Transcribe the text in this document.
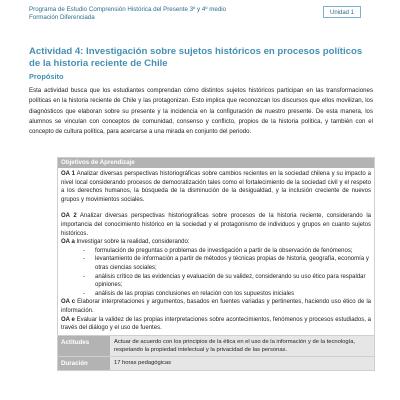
Programa de Estudio Comprensión Histórica del Presente 3º y 4º medio
Formación Diferenciada
Unidad 1
Actividad 4: Investigación sobre sujetos históricos en procesos políticos de la historia reciente de Chile
Propósito
Esta actividad busca que los estudiantes comprendan cómo distintos sujetos históricos participan en las transformaciones políticas en la historia reciente de Chile y las protagonizan. Esto implica que reconozcan los discursos que ellos movilizan, los diagnósticos que elaboran sobre su presente y la incidencia en la configuración de nuestro presente. De esta manera, los alumnos se vinculan con conceptos de comunidad, consenso y conflicto, propios de la historia política, y también con el concepto de cultura política, para acercarse a una mirada en conjunto del periodo.
Objetivos de Aprendizaje

OA 1 Analizar diversas perspectivas historiográficas sobre cambios recientes en la sociedad chilena y su impacto a nivel local considerando procesos de democratización tales como el fortalecimiento de la sociedad civil y el respeto a los derechos humanos, la búsqueda de la disminución de la desigualdad, y la inclusión creciente de nuevos grupos y movimientos sociales.

OA 2 Analizar diversas perspectivas historiográficas sobre procesos de la historia reciente, considerando la importancia del conocimiento histórico en la sociedad y el protagonismo de individuos y grupos en cuanto sujetos históricos.

OA a Investigar sobre la realidad, considerando:

- formulación de preguntas o problemas de investigación a partir de la observación de fenómenos;
- levantamiento de información a partir de métodos y técnicas propias de historia, geografía, economía y otras ciencias sociales;
- análisis crítico de las evidencias y evaluación de su validez, considerando su uso ético para respaldar opiniones;
- análisis de las propias conclusiones en relación con los supuestos iniciales

OA c Elaborar interpretaciones y argumentos, basados en fuentes variadas y pertinentes, haciendo uso ético de la información.

OA e Evaluar la validez de las propias interpretaciones sobre acontecimientos, fenómenos y procesos estudiados, a través del diálogo y el uso de fuentes.

Actitudes	Actuar de acuerdo con los principios de la ética en el uso de la información y de la tecnología, respetando la propiedad intelectual y la privacidad de las personas.
Duración	17 horas pedagógicas
